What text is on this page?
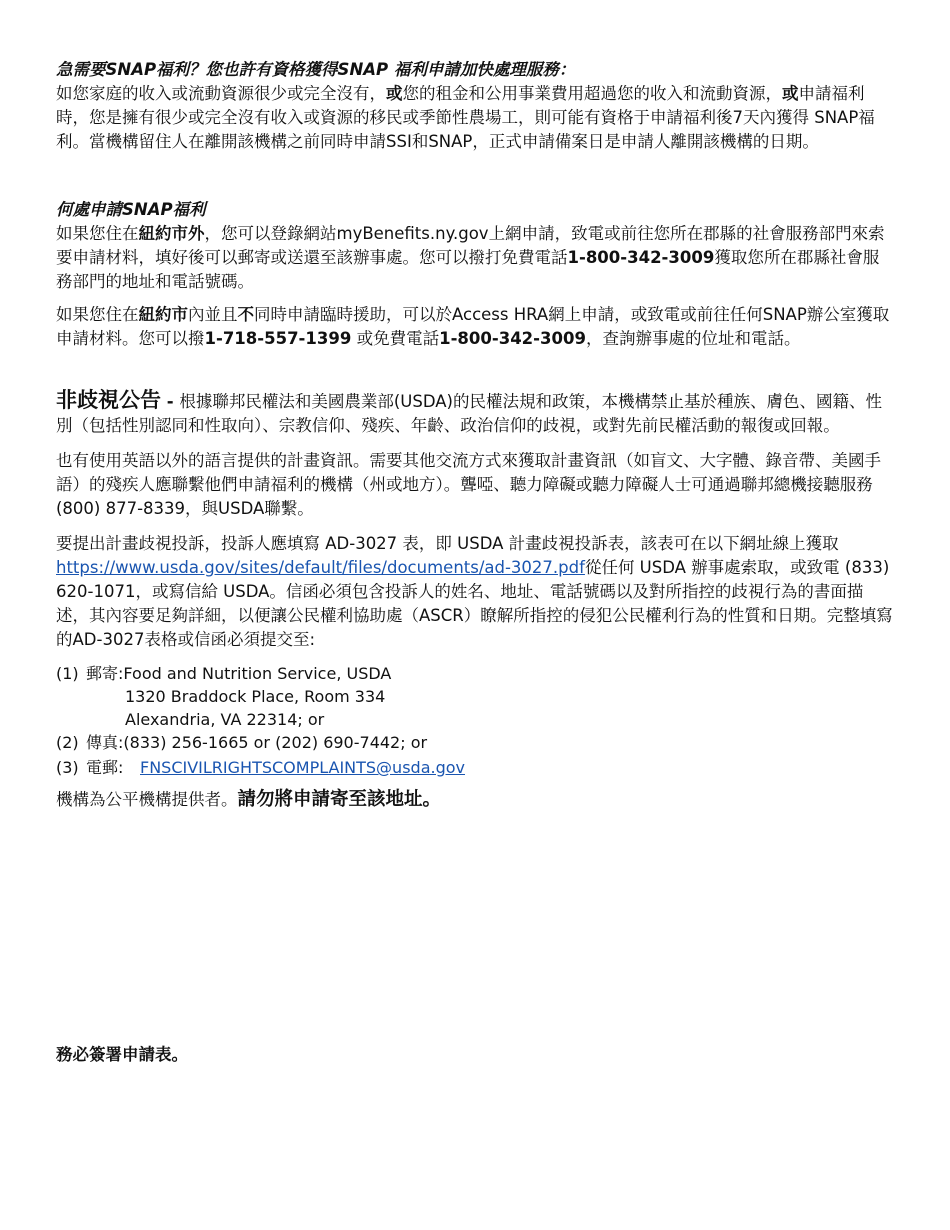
急需要SNAP福利？您也許有資格獲得SNAP 福利申請加快處理服務：

如您家庭的收入或流動資源很少或完全沒有，或您的租金和公用事業費用超過您的收入和流動資源，或申請福利時，您是擁有很少或完全沒有收入或資源的移民或季節性農場工，則可能有資格于申請福利後7天內獲得 SNAP福利。當機構留住人在離開該機構之前同時申請SSI和SNAP，正式申請備案日是申請人離開該機構的日期。

何處申請SNAP福利

如果您住在紐約市外，您可以登錄網站myBenefits.ny.gov上網申請，致電或前往您所在郡縣的社會服務部門來索要申請材料，填好後可以郵寄或送還至該辦事處。您可以撥打免費電話1-800-342-3009獲取您所在郡縣社會服務部門的地址和電話號碼。

如果您住在紐約市內並且不同時申請臨時援助，可以於Access HRA網上申請，或致電或前往任何SNAP辦公室獲取申請材料。您可以撥1-718-557-1399 或免費電話1-800-342-3009，查詢辦事處的位址和電話。

非歧視公告 - 根據聯邦民權法和美國農業部(USDA)的民權法規和政策，本機構禁止基於種族、膚色、國籍、性別（包括性別認同和性取向）、宗教信仰、殘疾、年齡、政治信仰的歧視，或對先前民權活動的報復或回報。

也有使用英語以外的語言提供的計畫資訊。需要其他交流方式來獲取計畫資訊（如盲文、大字體、錄音帶、美國手語）的殘疾人應聯繫他們申請福利的機構（州或地方）。聾啞、聽力障礙或聽力障礙人士可通過聯邦總機接聽服務(800) 877-8339，與USDA聯繫。

要提出計畫歧視投訴，投訴人應填寫 AD-3027 表，即 USDA 計畫歧視投訴表，該表可在以下網址線上獲取https://www.usda.gov/sites/default/files/documents/ad-3027.pdf從任何 USDA 辦事處索取，或致電 (833) 620-1071，或寫信給 USDA。信函必須包含投訴人的姓名、地址、電話號碼以及對所指控的歧視行為的書面描述，其內容要足夠詳細，以便讓公民權利協助處（ASCR）瞭解所指控的侵犯公民權利行為的性質和日期。完整填寫的AD-3027表格或信函必須提交至:

(1) 郵寄: Food and Nutrition Service, USDA
1320 Braddock Place, Room 334
Alexandria, VA 22314; or
(2) 傳真: (833) 256-1665 or (202) 690-7442; or
(3) 電郵:	FNSCIVILRIGHTSCOMPLAINTS@usda.gov

機構為公平機構提供者。請勿將申請寄至該地址。

務必簽署申請表。
